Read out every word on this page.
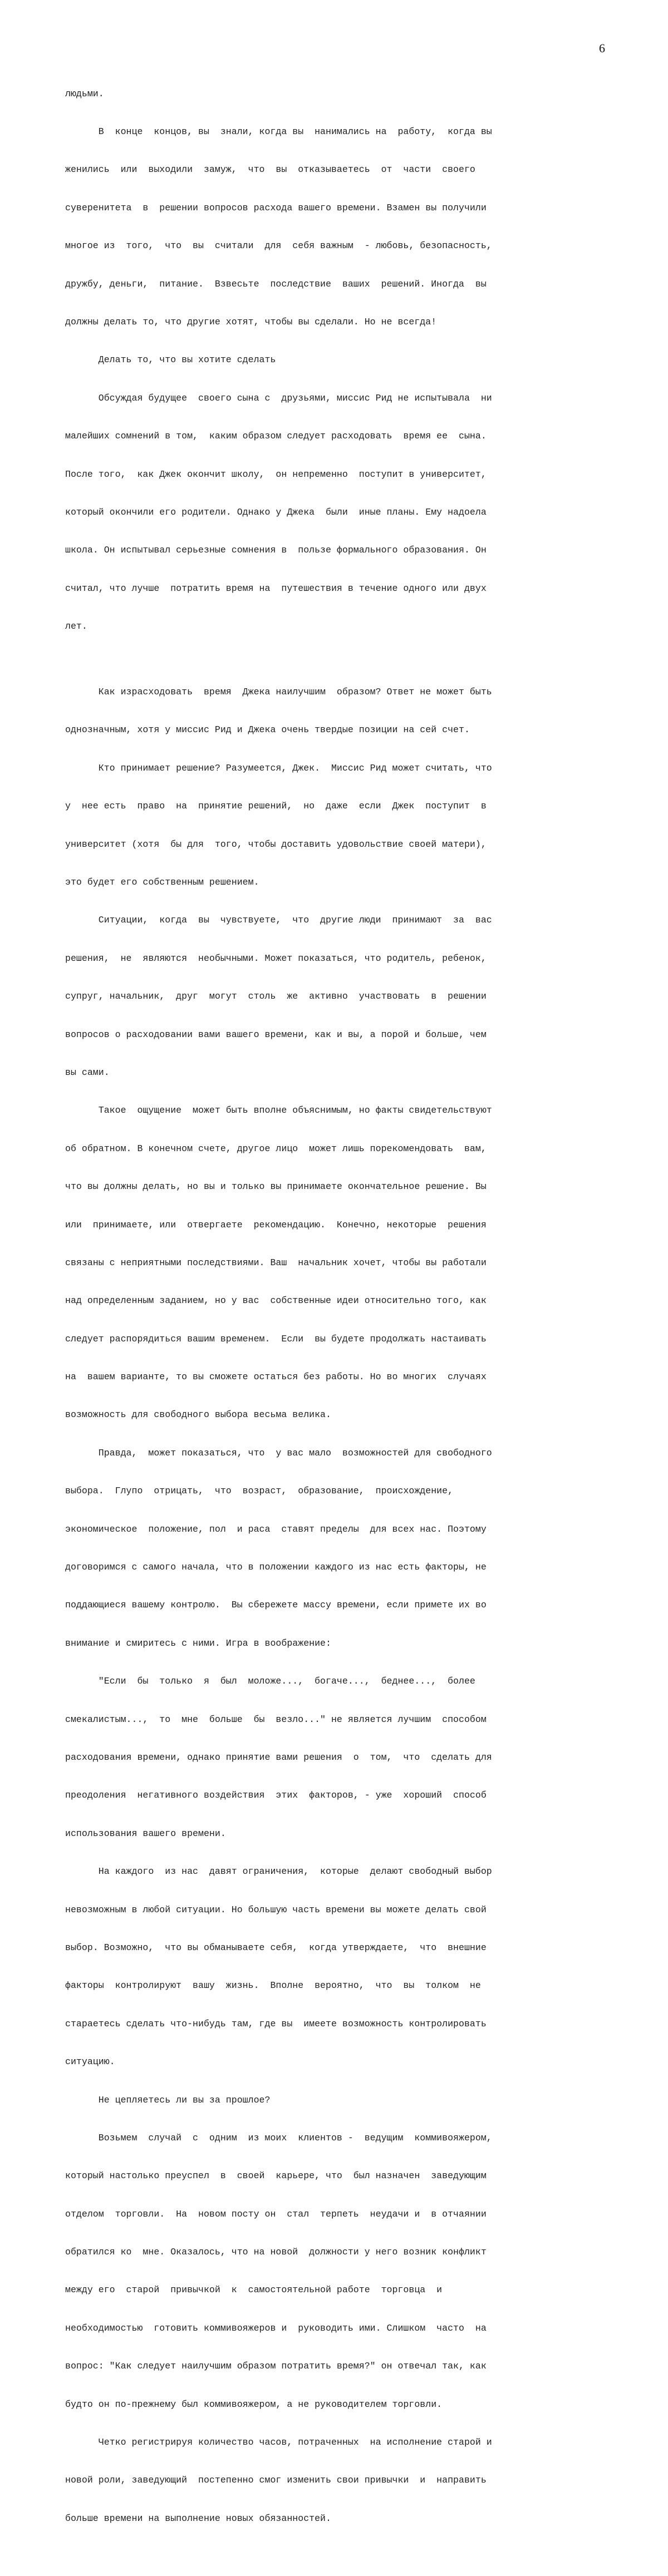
6

людьми.

В  конце  концов, вы  знали, когда вы  нанимались на  работу,  когда вы

женились  или  выходили  замуж,  что  вы  отказываетесь  от  части  своего

суверенитета  в  решении вопросов расхода вашего времени. Взамен вы получили

многое из  того,  что  вы  считали  для  себя важным  - любовь, безопасность,

дружбу, деньги,  питание.  Взвесьте  последствие  ваших  решений. Иногда  вы

должны делать то, что другие хотят, чтобы вы сделали. Но не всегда!

Делать то, что вы хотите сделать

Обсуждая будущее  своего сына с  друзьями, миссис Рид не испытывала  ни

малейших сомнений в том,  каким образом следует расходовать  время ее  сына.

После того,  как Джек окончит школу,  он непременно  поступит в университет,

который окончили его родители. Однако у Джека  были  иные планы. Ему надоела

школа. Он испытывал серьезные сомнения в  пользе формального образования. Он

считал, что лучше  потратить время на  путешествия в течение одного или двух

лет.

Как израсходовать  время  Джека наилучшим  образом? Ответ не может быть

однозначным, хотя у миссис Рид и Джека очень твердые позиции на сей счет.

Кто принимает решение? Разумеется, Джек.  Миссис Рид может считать, что

у  нее есть  право  на  принятие решений,  но  даже  если  Джек  поступит  в

университет (хотя  бы для  того, чтобы доставить удовольствие своей матери),

это будет его собственным решением.

Ситуации,  когда  вы  чувствуете,  что  другие люди  принимают  за  вас

решения,  не  являются  необычными. Может показаться, что родитель, ребенок,

супруг, начальник,  друг  могут  столь  же  активно  участвовать  в  решении

вопросов о расходовании вами вашего времени, как и вы, а порой и больше, чем

вы сами.

Такое  ощущение  может быть вполне объяснимым, но факты свидетельствуют

об обратном. В конечном счете, другое лицо  может лишь порекомендовать  вам,

что вы должны делать, но вы и только вы принимаете окончательное решение. Вы

или  принимаете, или  отвергаете  рекомендацию.  Конечно, некоторые  решения

связаны с неприятными последствиями. Ваш  начальник хочет, чтобы вы работали

над определенным заданием, но у вас  собственные идеи относительно того, как

следует распорядиться вашим временем.  Если  вы будете продолжать настаивать

на  вашем варианте, то вы сможете остаться без работы. Но во многих  случаях

возможность для свободного выбора весьма велика.

Правда,  может показаться, что  у вас мало  возможностей для свободного

выбора.  Глупо  отрицать,  что  возраст,  образование,  происхождение,

экономическое  положение, пол  и раса  ставят пределы  для всех нас. Поэтому

договоримся с самого начала, что в положении каждого из нас есть факторы, не

поддающиеся вашему контролю.  Вы сбережете массу времени, если примете их во

внимание и смиритесь с ними. Игра в воображение:

"Если  бы  только  я  был  моложе...,  богаче...,  беднее...,  более

смекалистым...,  то  мне  больше  бы  везло..." не является лучшим  способом

расходования времени, однако принятие вами решения  о  том,  что  сделать для

преодоления  негативного воздействия  этих  факторов, - уже  хороший  способ

использования вашего времени.

На каждого  из нас  давят ограничения,  которые  делают свободный выбор

невозможным в любой ситуации. Но большую часть времени вы можете делать свой

выбор. Возможно,  что вы обманываете себя,  когда утверждаете,  что  внешние

факторы  контролируют  вашу  жизнь.  Вполне  вероятно,  что  вы  толком  не

стараетесь сделать что-нибудь там, где вы  имеете возможность контролировать

ситуацию.

Не цепляетесь ли вы за прошлое?

Возьмем  случай  с  одним  из моих  клиентов -  ведущим  коммивояжером,

который настолько преуспел  в  своей  карьере, что  был назначен  заведующим

отделом  торговли.  На  новом посту он  стал  терпеть  неудачи и  в отчаянии

обратился ко  мне. Оказалось, что на новой  должности у него возник конфликт

между его  старой  привычкой  к  самостоятельной работе  торговца  и

необходимостью  готовить коммивояжеров и  руководить ими. Слишком  часто  на

вопрос: "Как следует наилучшим образом потратить время?" он отвечал так, как

будто он по-прежнему был коммивояжером, а не руководителем торговли.

Четко регистрируя количество часов, потраченных  на исполнение старой и

новой роли, заведующий  постепенно смог изменить свои привычки  и  направить

больше времени на выполнение новых обязанностей.
